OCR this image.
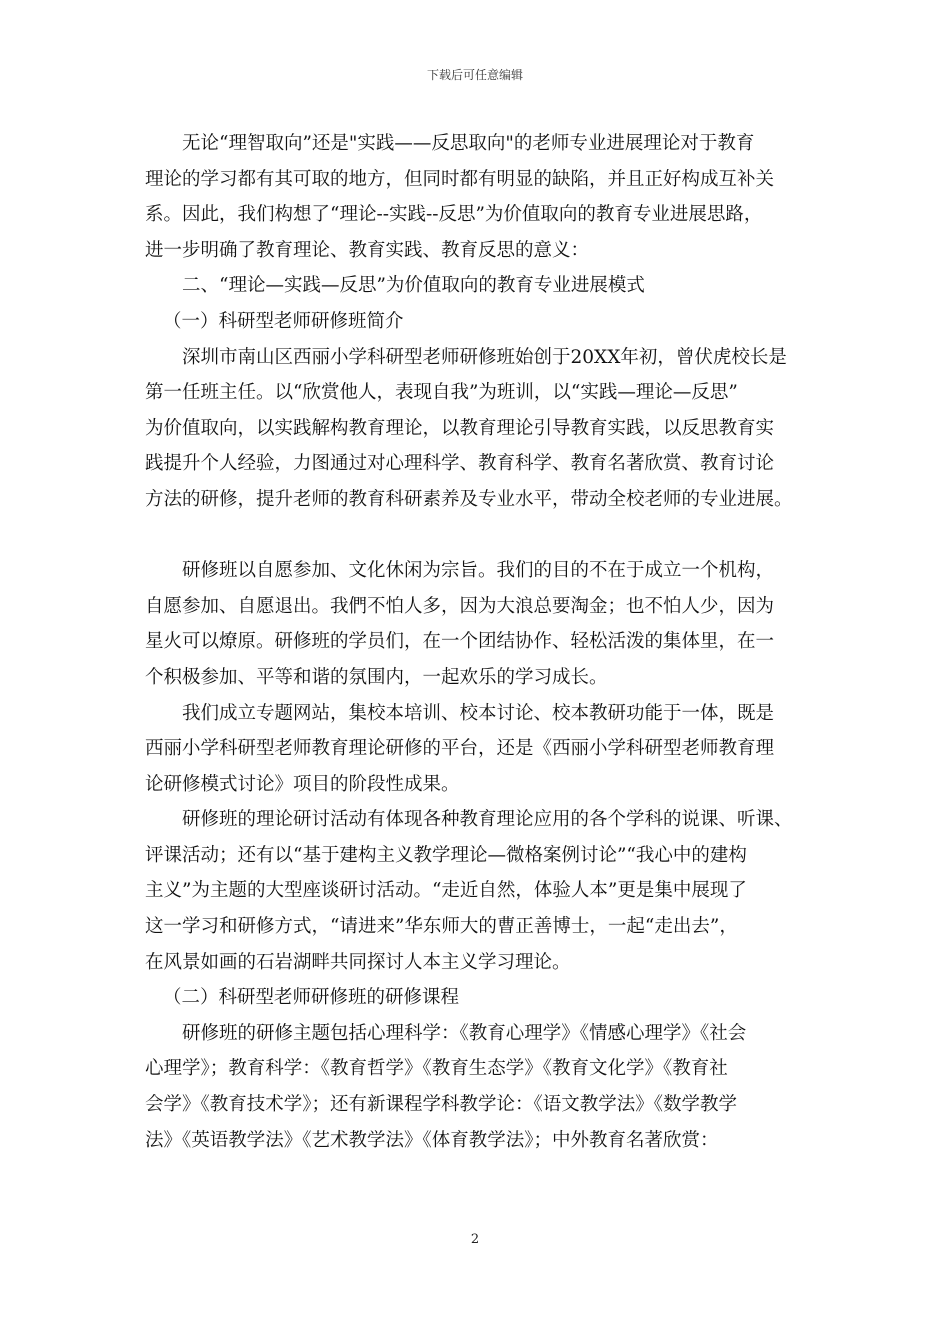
下载后可任意编辑

无论“理智取向”还是"实践——反思取向"的老师专业进展理论对于教育
理论的学习都有其可取的地方，但同时都有明显的缺陷，并且正好构成互补关
系。因此，我们构想了“理论--实践--反思”为价值取向的教育专业进展思路，
进一步明确了教育理论、教育实践、教育反思的意义：

二、“理论—实践—反思”为价值取向的教育专业进展模式

（一）科研型老师研修班简介

深圳市南山区西丽小学科研型老师研修班始创于20XX年初，曾伏虎校长是
第一任班主任。以“欣赏他人，表现自我”为班训，以“实践—理论—反思”
为价值取向，以实践解构教育理论，以教育理论引导教育实践，以反思教育实
践提升个人经验，力图通过对心理科学、教育科学、教育名著欣赏、教育讨论
方法的研修，提升老师的教育科研素养及专业水平，带动全校老师的专业进展。

研修班以自愿参加、文化休闲为宗旨。我们的目的不在于成立一个机构，
自愿参加、自愿退出。我們不怕人多，因为大浪总要淘金；也不怕人少，因为
星火可以燎原。研修班的学员们，在一个团结协作、轻松活泼的集体里，在一
个积极参加、平等和谐的氛围内，一起欢乐的学习成长。

我们成立专题网站，集校本培训、校本讨论、校本教研功能于一体，既是
西丽小学科研型老师教育理论研修的平台，还是《西丽小学科研型老师教育理
论研修模式讨论》项目的阶段性成果。

研修班的理论研讨活动有体现各种教育理论应用的各个学科的说课、听课、
评课活动；还有以“基于建构主义教学理论—微格案例讨论”“我心中的建构
主义”为主题的大型座谈研讨活动。“走近自然，体验人本”更是集中展现了
这一学习和研修方式，“请进来”华东师大的曹正善博士，一起“走出去”，
在风景如画的石岩湖畔共同探讨人本主义学习理论。

（二）科研型老师研修班的研修课程

研修班的研修主题包括心理科学：《教育心理学》《情感心理学》《社会
心理学》；教育科学：《教育哲学》《教育生态学》《教育文化学》《教育社
会学》《教育技术学》；还有新课程学科教学论：《语文教学法》《数学教学
法》《英语教学法》《艺术教学法》《体育教学法》；中外教育名著欣赏：

2
